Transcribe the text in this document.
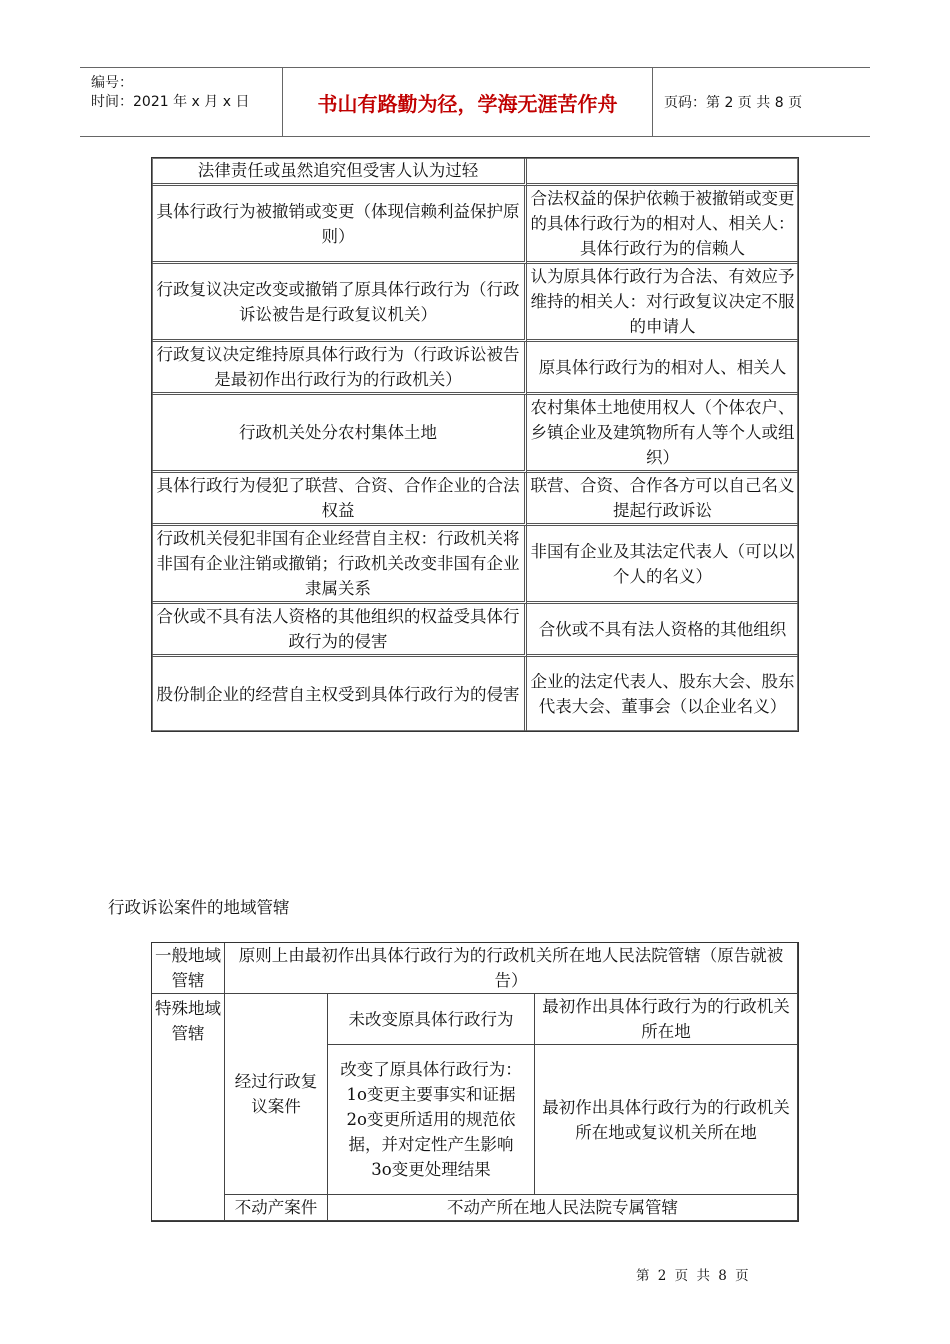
编号：
时间：2021 年 x 月 x 日	书山有路勤为径，学海无涯苦作舟	页码：第 2 页 共 8 页
法律责任或虽然追究但受害人认为过轻	
具体行政行为被撤销或变更（体现信赖利益保护原则）	合法权益的保护依赖于被撤销或变更的具体行政行为的相对人、相关人：具体行政行为的信赖人
行政复议决定改变或撤销了原具体行政行为（行政诉讼被告是行政复议机关）	认为原具体行政行为合法、有效应予维持的相关人：对行政复议决定不服的申请人
行政复议决定维持原具体行政行为（行政诉讼被告是最初作出行政行为的行政机关）	原具体行政行为的相对人、相关人
行政机关处分农村集体土地	农村集体土地使用权人（个体农户、乡镇企业及建筑物所有人等个人或组织）
具体行政行为侵犯了联营、合资、合作企业的合法权益	联营、合资、合作各方可以自己名义提起行政诉讼
行政机关侵犯非国有企业经营自主权：行政机关将非国有企业注销或撤销；行政机关改变非国有企业隶属关系	非国有企业及其法定代表人（可以以个人的名义）
合伙或不具有法人资格的其他组织的权益受具体行政行为的侵害	合伙或不具有法人资格的其他组织
股份制企业的经营自主权受到具体行政行为的侵害	企业的法定代表人、股东大会、股东代表大会、董事会（以企业名义）
行政诉讼案件的地域管辖
一般地域管辖	原则上由最初作出具体行政行为的行政机关所在地人民法院管辖（原告就被告）		
特殊地域管辖	经过行政复议案件	未改变原具体行政行为	最初作出具体行政行为的行政机关所在地

		改变了原具体行政行为：
1o变更主要事实和证据
2o变更所适用的规范依据，并对定性产生影响
3o变更处理结果	最初作出具体行政行为的行政机关所在地或复议机关所在地
	不动产案件	不动产所在地人民法院专属管辖	
第 2 页 共 8 页
